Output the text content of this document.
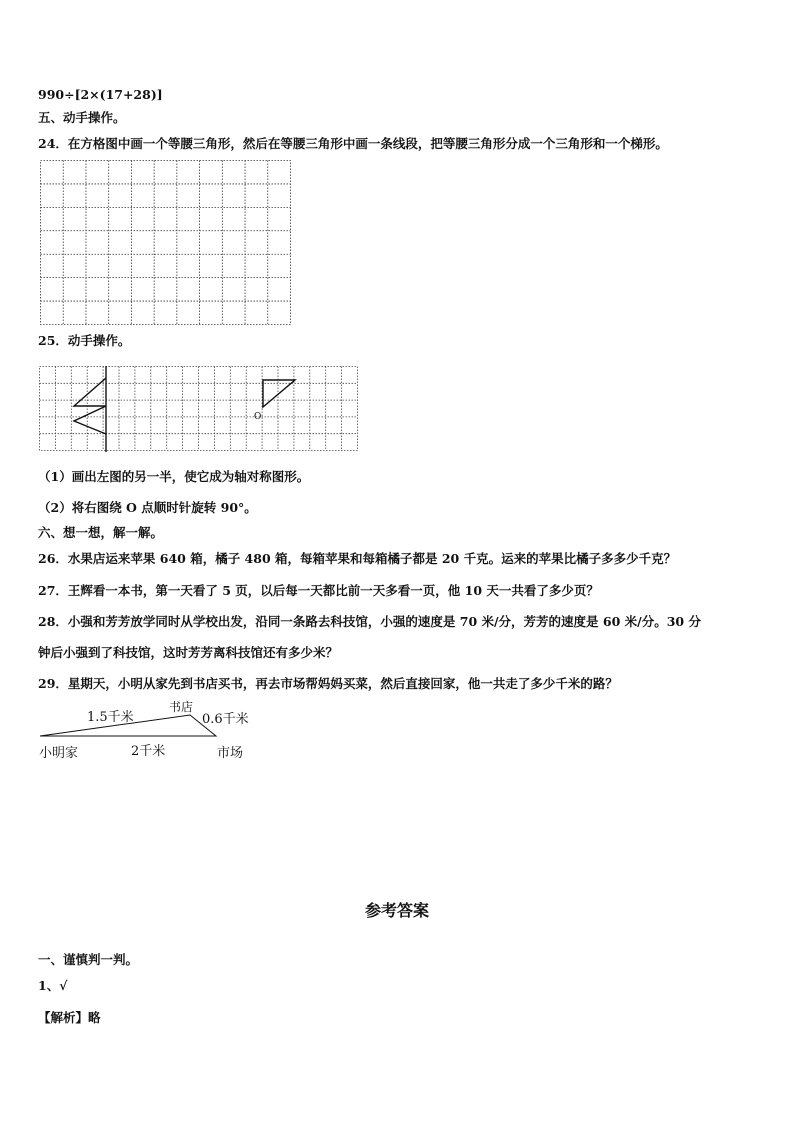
990÷[2×(17+28)]
五、动手操作。
24．在方格图中画一个等腰三角形，然后在等腰三角形中画一条线段，把等腰三角形分成一个三角形和一个梯形。
25．动手操作。
O
（1）画出左图的另一半，使它成为轴对称图形。
（2）将右图绕 O 点顺时针旋转 90°。
六、想一想，解一解。
26．水果店运来苹果 640 箱，橘子 480 箱，每箱苹果和每箱橘子都是 20 千克。运来的苹果比橘子多多少千克？
27．王辉看一本书，第一天看了 5 页，以后每一天都比前一天多看一页，他 10 天一共看了多少页？
28．小强和芳芳放学同时从学校出发，沿同一条路去科技馆，小强的速度是 70 米/分，芳芳的速度是 60 米/分。30 分
钟后小强到了科技馆，这时芳芳离科技馆还有多少米？
29．星期天，小明从家先到书店买书，再去市场帮妈妈买菜，然后直接回家，他一共走了多少千米的路？
1.5千米
书店
0.6千米
小明家	2千米	市场
参考答案
一、谨慎判一判。
1、√
【解析】略
